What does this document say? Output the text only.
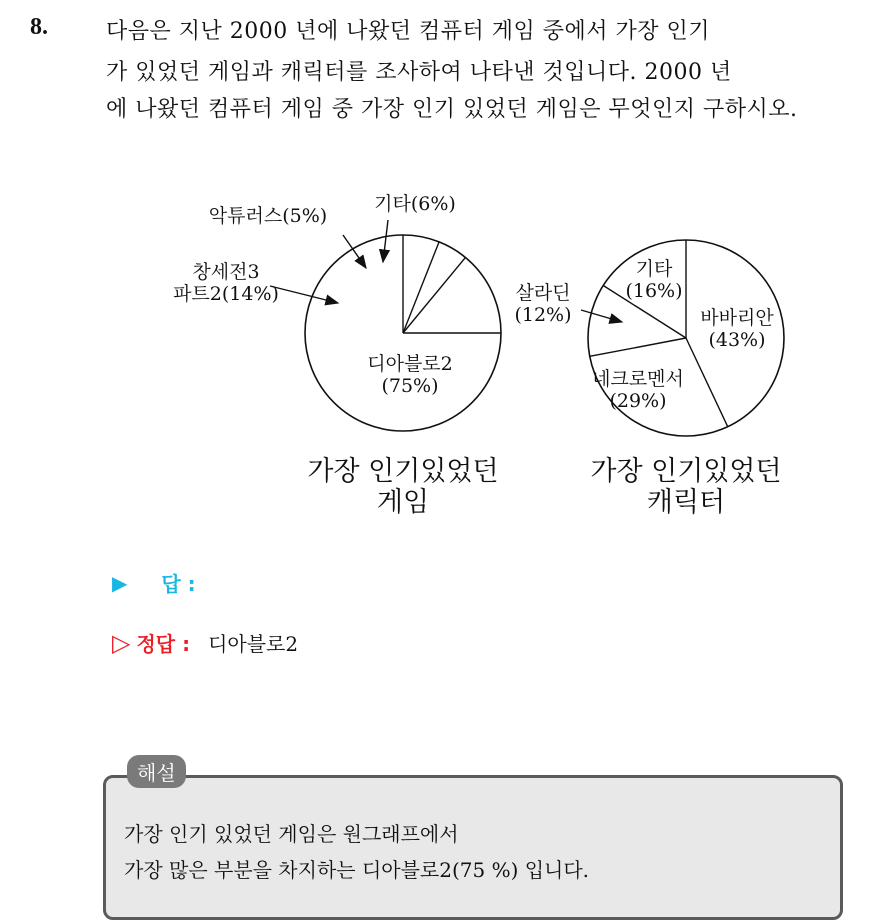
8.	다음은 지난 2000 년에 나왔던 컴퓨터 게임 중에서 가장 인기
가 있었던 게임과 캐릭터를 조사하여 나타낸 것입니다. 2000 년
에 나왔던 컴퓨터 게임 중 가장 인기 있었던 게임은 무엇인지 구하시오.
디아블로2 (75%)
창세전3 파트2(14%)
악튜러스(5%)
기타(6%)
가장 인기있었던 게임
바바리안 (43%)
네크로멘서 (29%)
살라딘 (12%)
기타 (16%)
가장 인기있었던 캐릭터
▶ 답 :
▷ 정답 : 디아블로2
해설
가장 인기 있었던 게임은 원그래프에서
가장 많은 부분을 차지하는 디아블로2(75 %) 입니다.
